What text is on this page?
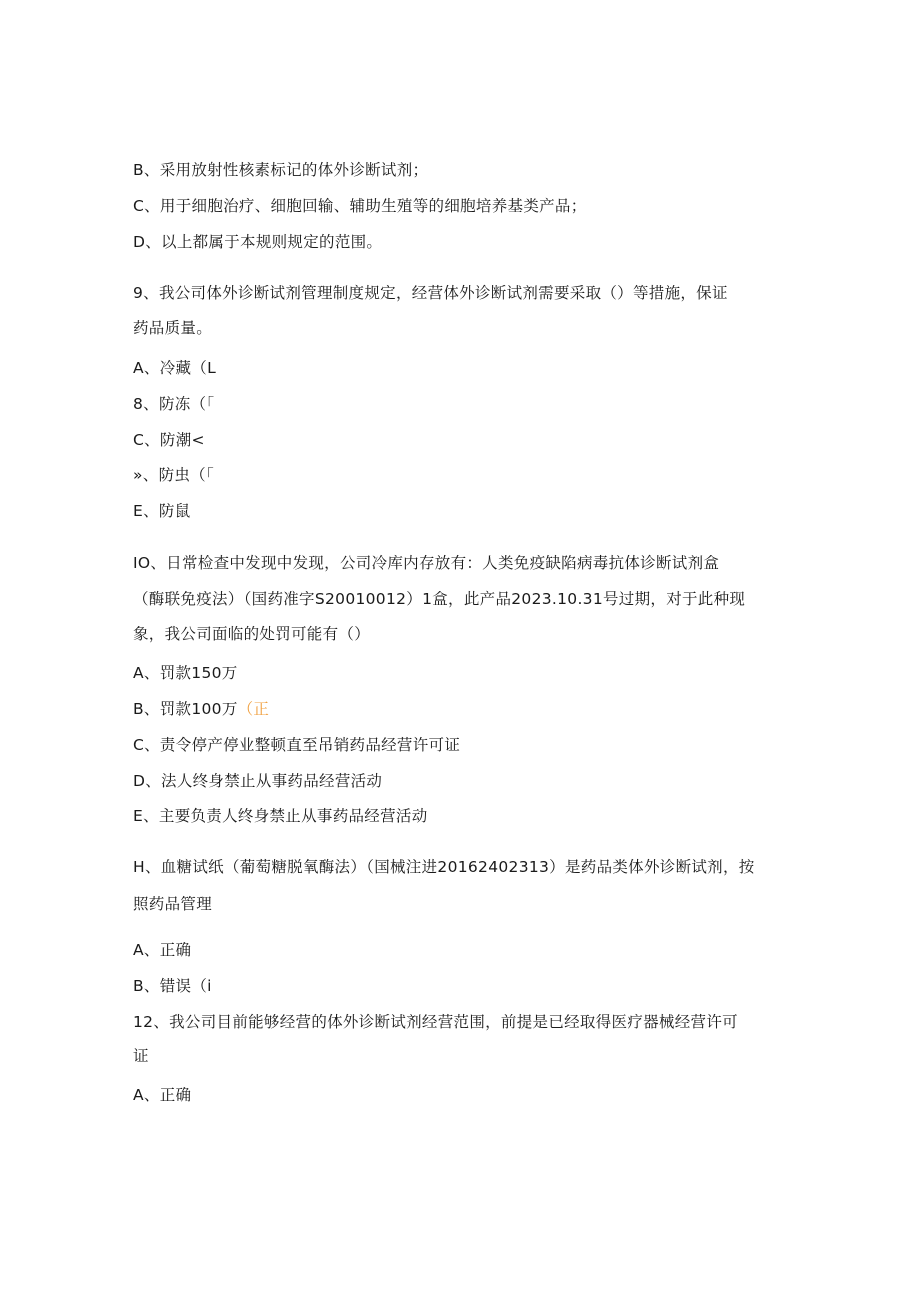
B、采用放射性核素标记的体外诊断试剂；
C、用于细胞治疗、细胞回输、辅助生殖等的细胞培养基类产品；
D、以上都属于本规则规定的范围。
9、我公司体外诊断试剂管理制度规定，经营体外诊断试剂需要采取（）等措施，保证
药品质量。
A、冷藏（L
8、防冻（「
C、防潮<
»、防虫（「
E、防鼠
IO、日常检查中发现中发现，公司冷库内存放有：人类免疫缺陷病毒抗体诊断试剂盒
（酶联免疫法）（国药准字S20010012）1盒，此产品2023.10.31号过期，对于此种现
象，我公司面临的处罚可能有（）
A、罚款150万
B、罚款100万（正
C、责令停产停业整顿直至吊销药品经营许可证
D、法人终身禁止从事药品经营活动
E、主要负责人终身禁止从事药品经营活动
H、血糖试纸（葡萄糖脱氧酶法）（国械注进20162402313）是药品类体外诊断试剂，按
照药品管理
A、正确
B、错误（i
12、我公司目前能够经营的体外诊断试剂经营范围，前提是已经取得医疗器械经营许可
证
A、正确
